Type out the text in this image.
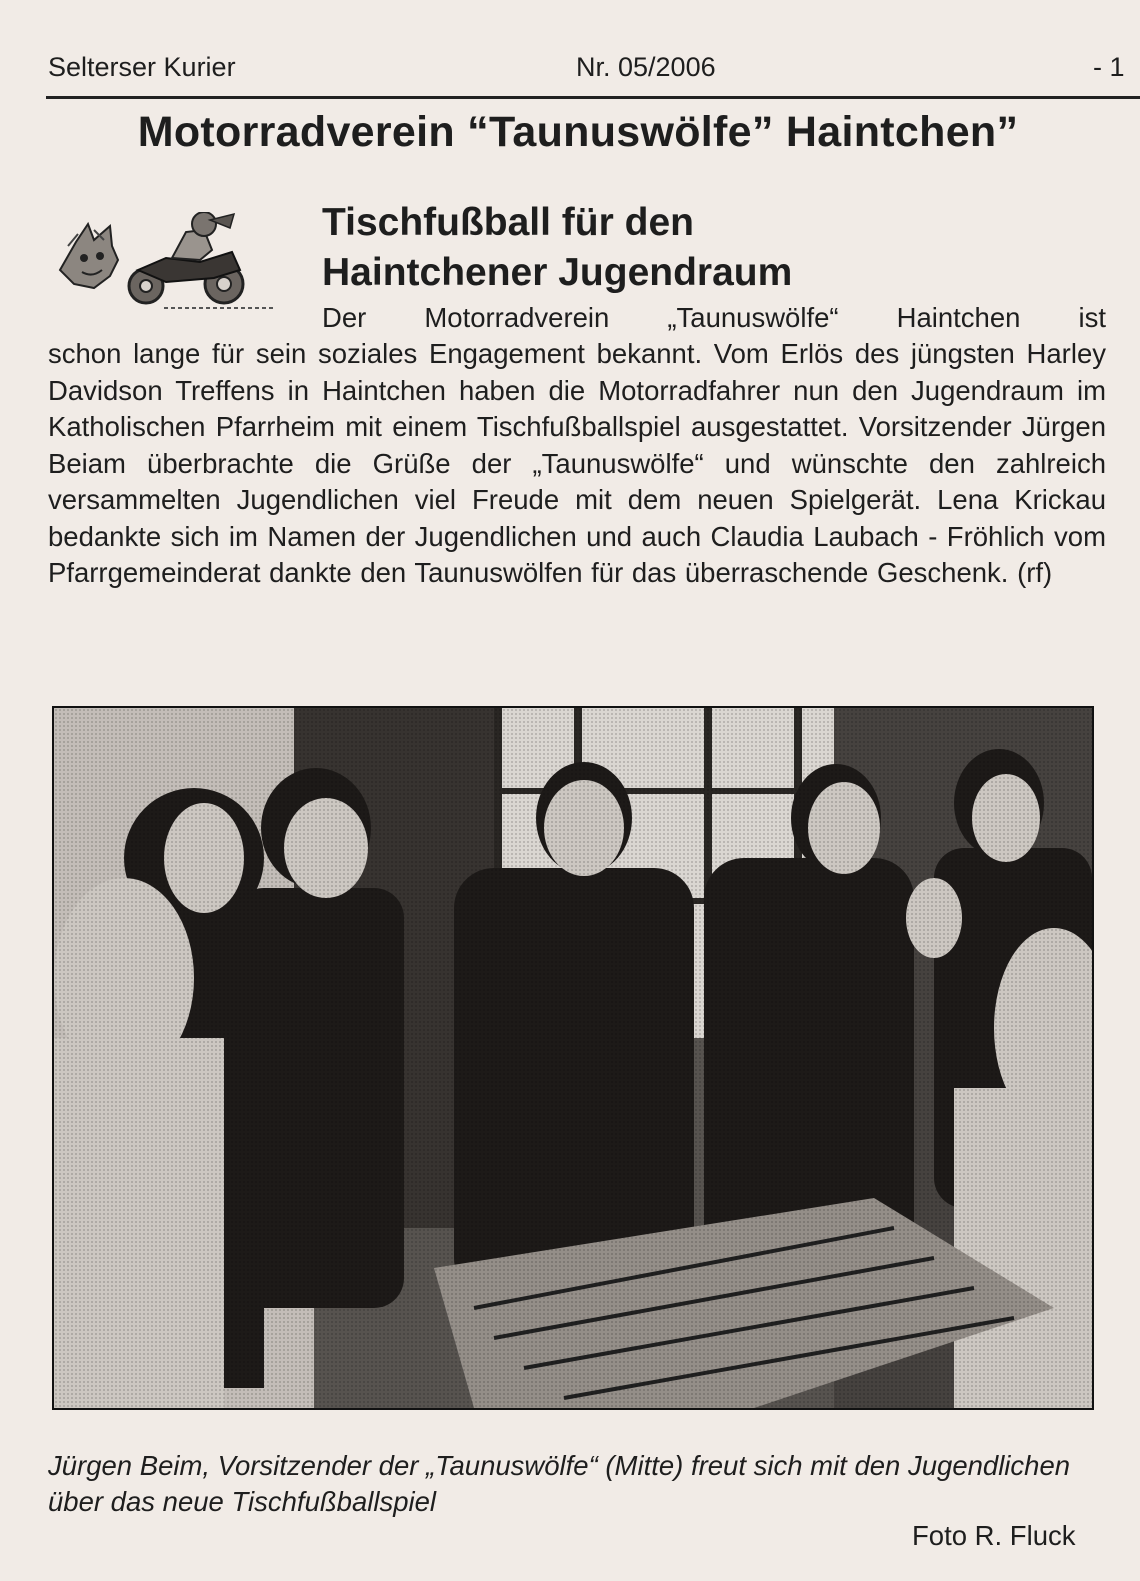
Selterser Kurier	Nr. 05/2006	- 1
Motorradverein “Taunuswölfe” Haintchen”
Tischfußball für den
Haintchener Jugendraum
Der Motorradverein „Taunuswölfe“ Haintchen ist
schon lange für sein soziales Engagement bekannt. Vom Erlös des jüngsten Harley Davidson Treffens in Haintchen haben die Motorradfahrer nun den Jugendraum im Katholischen Pfarrheim mit einem Tischfußballspiel ausgestattet. Vorsitzender Jürgen Beiam überbrachte die Grüße der „Taunuswölfe“ und wünschte den zahlreich versammelten Jugendlichen viel Freude mit dem neuen Spielgerät. Lena Krickau bedankte sich im Namen der Jugendlichen und auch Claudia Laubach - Fröhlich vom Pfarrgemeinderat dankte den Taunuswölfen für das überraschende Geschenk. (rf)
Jürgen Beim, Vorsitzender der „Taunuswölfe“ (Mitte) freut sich mit den Jugendlichen über das neue Tischfußballspiel
Foto R. Fluck
